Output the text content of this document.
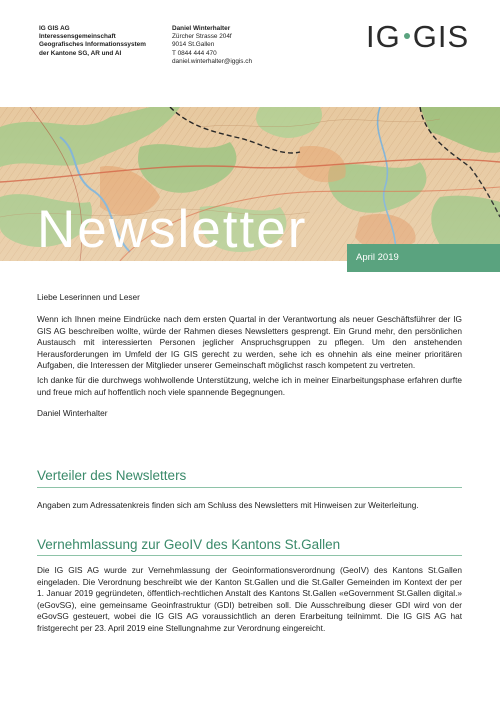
IG GIS AG
Interessensgemeinschaft
Geografisches Informationssystem
der Kantone SG, AR und AI
Daniel Winterhalter
Zürcher Strasse 204f
9014 St.Gallen
T 0844 444 470
daniel.winterhalter@iggis.ch
IG GIS
Newsletter	April 2019
Liebe Leserinnen und Leser
Wenn ich Ihnen meine Eindrücke nach dem ersten Quartal in der Verantwortung als neuer Geschäftsführer der IG GIS AG beschreiben wollte, würde der Rahmen dieses Newsletters gesprengt. Ein Grund mehr, den persönlichen Austausch mit interessierten Personen jeglicher Anspruchsgruppen zu pflegen. Um den anstehenden Herausforderungen im Umfeld der IG GIS gerecht zu werden, sehe ich es ohnehin als eine meiner prioritären Aufgaben, die Interessen der Mitglieder unserer Gemeinschaft möglichst rasch kompetent zu vertreten.
Ich danke für die durchwegs wohlwollende Unterstützung, welche ich in meiner Einarbeitungsphase erfahren durfte und freue mich auf hoffentlich noch viele spannende Begegnungen.
Daniel Winterhalter
Verteiler des Newsletters
Angaben zum Adressatenkreis finden sich am Schluss des Newsletters mit Hinweisen zur Weiterleitung.
Vernehmlassung zur GeoIV des Kantons St.Gallen
Die IG GIS AG wurde zur Vernehmlassung der Geoinformationsverordnung (GeoIV) des Kantons St.Gallen eingeladen. Die Verordnung beschreibt wie der Kanton St.Gallen und die St.Galler Gemeinden im Kontext der per 1. Januar 2019 gegründeten, öffentlich-rechtlichen Anstalt des Kantons St.Gallen «eGovernment St.Gallen digital.» (eGovSG), eine gemeinsame Geoinfrastruktur (GDI) betreiben soll. Die Ausschreibung dieser GDI wird von der eGovSG gesteuert, wobei die IG GIS AG voraussichtlich an deren Erarbeitung teilnimmt. Die IG GIS AG hat fristgerecht per 23. April 2019 eine Stellungnahme zur Verordnung eingereicht.
